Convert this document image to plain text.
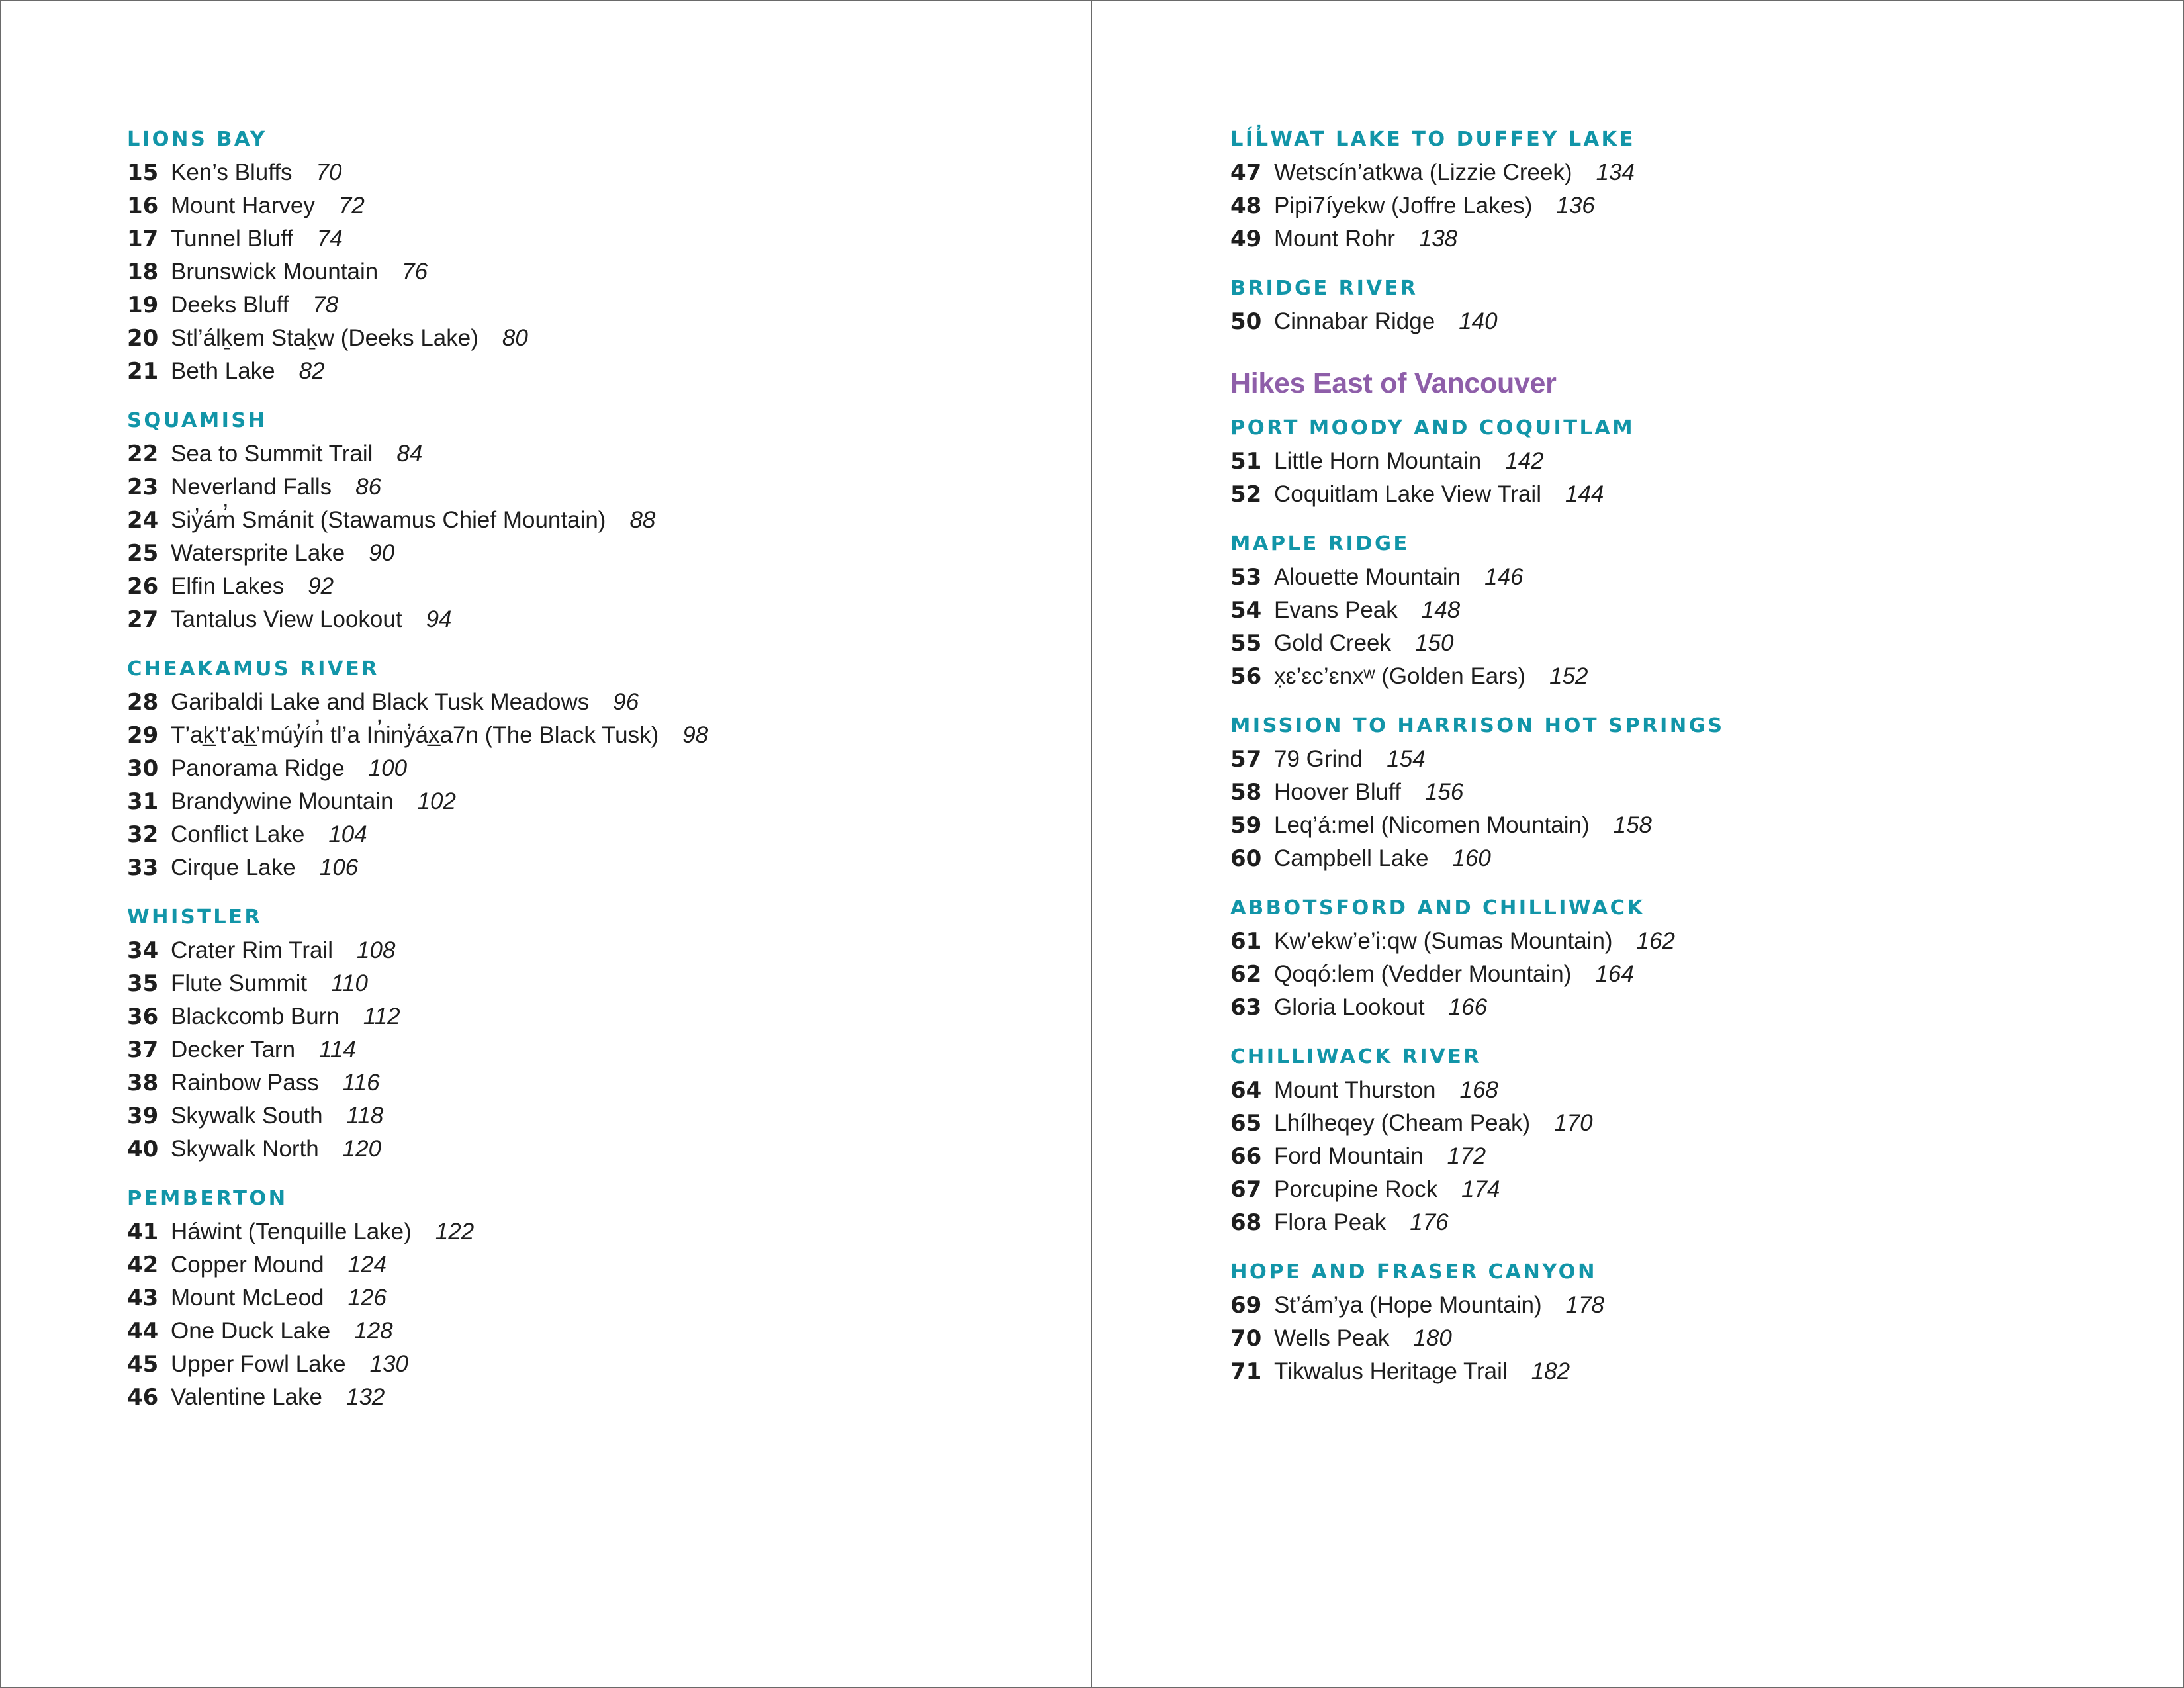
LIONS BAY
15 Ken’s Bluffs 70
16 Mount Harvey 72
17 Tunnel Bluff 74
18 Brunswick Mountain 76
19 Deeks Bluff 78
20 Stl’álḵem Staḵw (Deeks Lake) 80
21 Beth Lake 82
SQUAMISH
22 Sea to Summit Trail 84
23 Neverland Falls 86
24 Siy̓ám̓ Smánit (Stawamus Chief Mountain) 88
25 Watersprite Lake 90
26 Elfin Lakes 92
27 Tantalus View Lookout 94
CHEAKAMUS RIVER
28 Garibaldi Lake and Black Tusk Meadows 96
29 T’ak̲’t’ak̲’múy̓ín̓ tl’a In̓iny̓áx̲a7n (The Black Tusk) 98
30 Panorama Ridge 100
31 Brandywine Mountain 102
32 Conflict Lake 104
33 Cirque Lake 106
WHISTLER
34 Crater Rim Trail 108
35 Flute Summit 110
36 Blackcomb Burn 112
37 Decker Tarn 114
38 Rainbow Pass 116
39 Skywalk South 118
40 Skywalk North 120
PEMBERTON
41 Háwint (Tenquille Lake) 122
42 Copper Mound 124
43 Mount McLeod 126
44 One Duck Lake 128
45 Upper Fowl Lake 130
46 Valentine Lake 132
LÍL̓WAT LAKE TO DUFFEY LAKE
47 Wetscín’atkwa (Lizzie Creek) 134
48 Pipi7íyekw (Joffre Lakes) 136
49 Mount Rohr 138
BRIDGE RIVER
50 Cinnabar Ridge 140
Hikes East of Vancouver
PORT MOODY AND COQUITLAM
51 Little Horn Mountain 142
52 Coquitlam Lake View Trail 144
MAPLE RIDGE
53 Alouette Mountain 146
54 Evans Peak 148
55 Gold Creek 150
56 x̣ɛ’ɛc’ɛnxʷ (Golden Ears) 152
MISSION TO HARRISON HOT SPRINGS
57 79 Grind 154
58 Hoover Bluff 156
59 Leq’á:mel (Nicomen Mountain) 158
60 Campbell Lake 160
ABBOTSFORD AND CHILLIWACK
61 Kw’ekw’e’i:qw (Sumas Mountain) 162
62 Qoqó:lem (Vedder Mountain) 164
63 Gloria Lookout 166
CHILLIWACK RIVER
64 Mount Thurston 168
65 Lhílheqey (Cheam Peak) 170
66 Ford Mountain 172
67 Porcupine Rock 174
68 Flora Peak 176
HOPE AND FRASER CANYON
69 St’ám’ya (Hope Mountain) 178
70 Wells Peak 180
71 Tikwalus Heritage Trail 182
